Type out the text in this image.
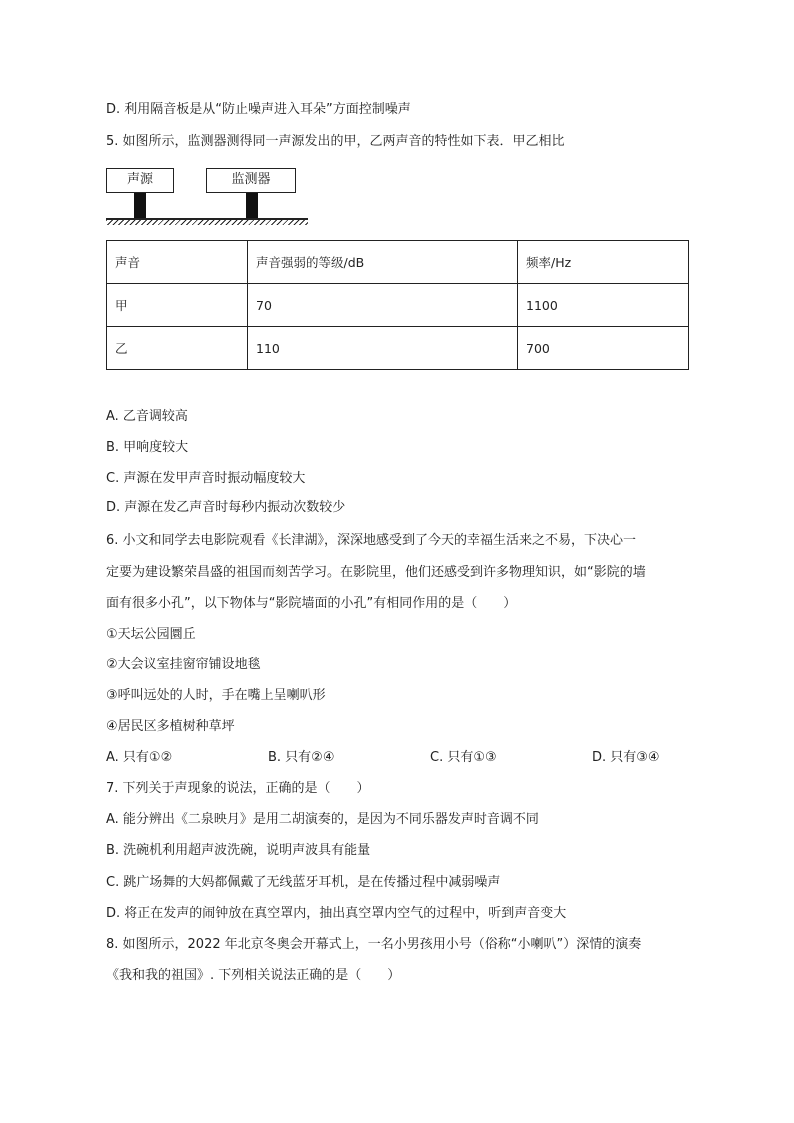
D. 利用隔音板是从“防止噪声进入耳朵”方面控制噪声
5. 如图所示，监测器测得同一声源发出的甲，乙两声音的特性如下表．甲乙相比
声源	监测器
声音	声音强弱的等级/dB	频率/Hz
甲	70	1100
乙	110	700
A. 乙音调较高
B. 甲响度较大
C. 声源在发甲声音时振动幅度较大
D. 声源在发乙声音时每秒内振动次数较少
6. 小文和同学去电影院观看《长津湖》，深深地感受到了今天的幸福生活来之不易，下决心一
定要为建设繁荣昌盛的祖国而刻苦学习。在影院里，他们还感受到许多物理知识，如“影院的墙
面有很多小孔”，以下物体与“影院墙面的小孔”有相同作用的是（　　）
①天坛公园圜丘
②大会议室挂窗帘铺设地毯
③呼叫远处的人时，手在嘴上呈喇叭形
④居民区多植树种草坪
A. 只有①②	B. 只有②④	C. 只有①③	D. 只有③④
7. 下列关于声现象的说法，正确的是（　　）
A. 能分辨出《二泉映月》是用二胡演奏的，是因为不同乐器发声时音调不同
B. 洗碗机利用超声波洗碗，说明声波具有能量
C. 跳广场舞的大妈都佩戴了无线蓝牙耳机，是在传播过程中减弱噪声
D. 将正在发声的闹钟放在真空罩内，抽出真空罩内空气的过程中，听到声音变大
8. 如图所示，2022 年北京冬奥会开幕式上，一名小男孩用小号（俗称“小喇叭”）深情的演奏
《我和我的祖国》. 下列相关说法正确的是（　　）
